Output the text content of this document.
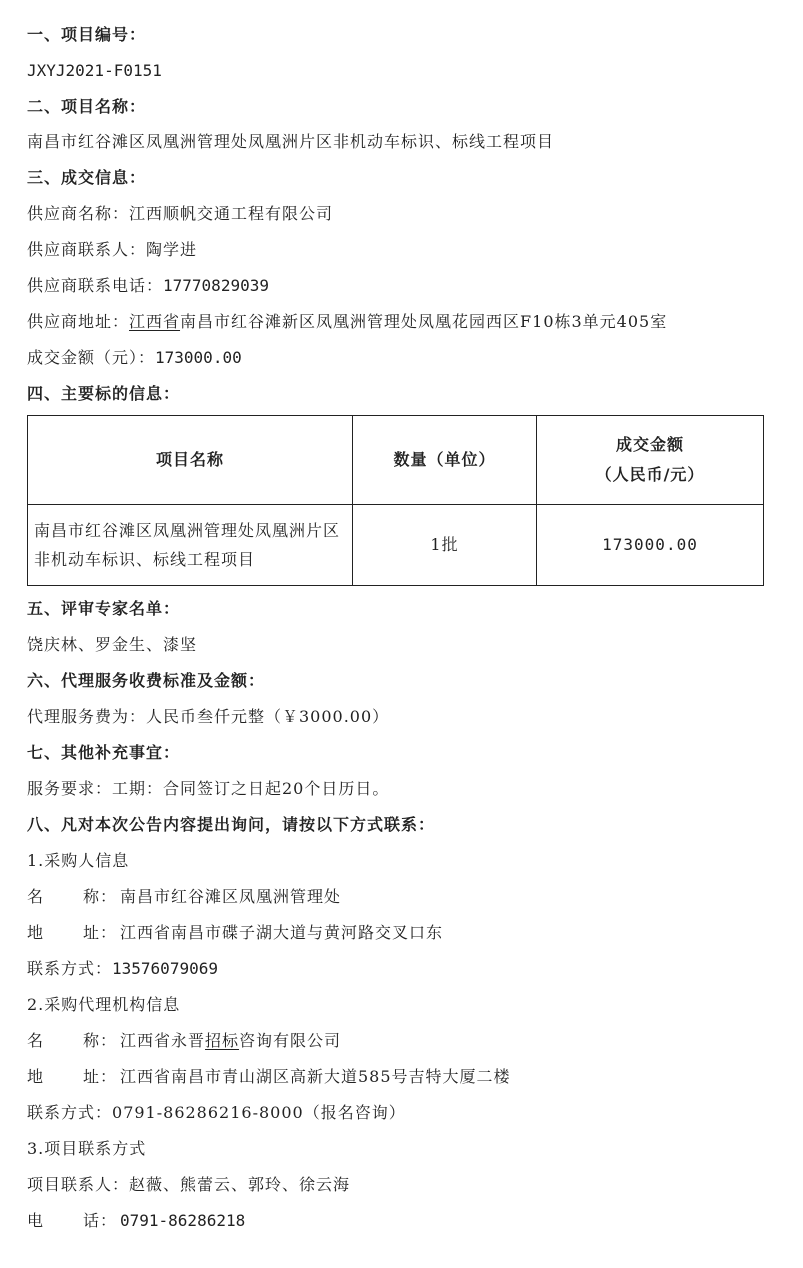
一、项目编号：
JXYJ2021-F0151
二、项目名称：
南昌市红谷滩区凤凰洲管理处凤凰洲片区非机动车标识、标线工程项目
三、成交信息：
供应商名称：江西顺帆交通工程有限公司
供应商联系人：陶学进
供应商联系电话：17770829039
供应商地址：江西省南昌市红谷滩新区凤凰洲管理处凤凰花园西区F10栋3单元405室
成交金额（元）：173000.00
四、主要标的信息：
项目名称	数量（单位）	成交金额
（人民币/元）

南昌市红谷滩区凤凰洲管理处凤凰洲片区非机动车标识、标线工程项目	1批	173000.00
五、评审专家名单：
饶庆林、罗金生、漆坚
六、代理服务收费标准及金额：
代理服务费为：人民币叁仟元整（￥3000.00）
七、其他补充事宜：
服务要求：工期：合同签订之日起20个日历日。
八、凡对本次公告内容提出询问，请按以下方式联系：
1.采购人信息
名 称： 南昌市红谷滩区凤凰洲管理处
地 址： 江西省南昌市碟子湖大道与黄河路交叉口东
联系方式：13576079069
2.采购代理机构信息
名 称： 江西省永晋招标咨询有限公司
地 址： 江西省南昌市青山湖区高新大道585号吉特大厦二楼
联系方式：0791-86286216-8000（报名咨询）
3.项目联系方式
项目联系人：赵薇、熊蕾云、郭玲、徐云海
电 话： 0791-86286218
